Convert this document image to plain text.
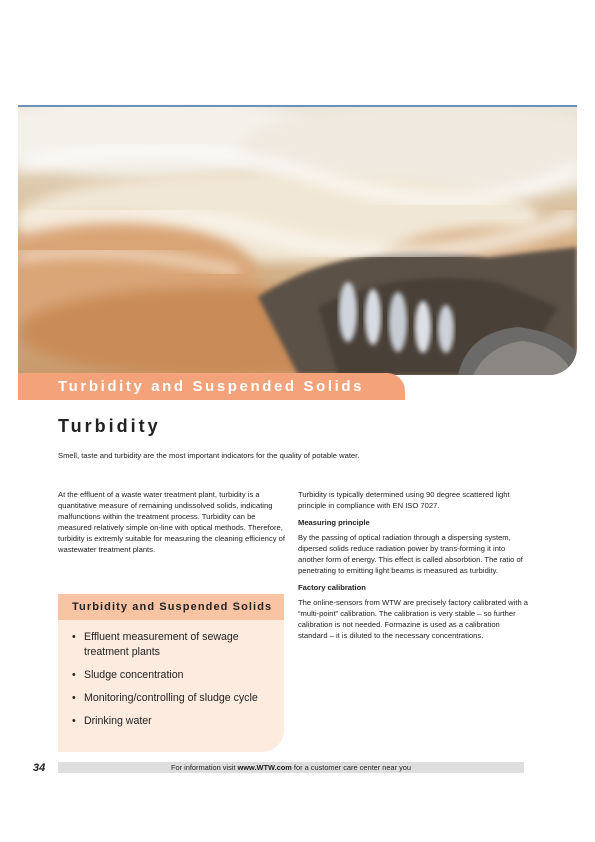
Turbidity and Suspended Solids
Turbidity

Smell, taste and turbidity are the most important indicators for the quality of potable water.

At the effluent of a waste water treatment plant, turbidity is a quantitative measure of remaining undissolved solids, indicating malfunctions within the treatment process. Turbidity can be measured relatively simple on-line with optical methods. Therefore, turbidity is extremly suitable for measuring the cleaning efficiency of wastewater treatment plants.

Turbidity is typically determined using 90 degree scattered light principle in compliance with EN ISO 7027.

Measuring principle

By the passing of optical radiation through a dispersing system, dipersed solids reduce radiation power by trans-forming it into another form of energy. This effect is called absorbtion. The ratio of penetrating to emitting light beams is measured as turbidity.

Factory calibration

The online-sensors from WTW are precisely factory calibrated with a “multi-point” calibration. The calibration is very stable – so further calibration is not needed. Formazine is used as a calibration standard – it is diluted to the necessary concentrations.

Turbidity and Suspended Solids
• Effluent measurement of sewage treatment plants
• Sludge concentration
• Monitoring/controlling of sludge cycle
• Drinking water
34	For information visit www.WTW.com for a customer care center near you
